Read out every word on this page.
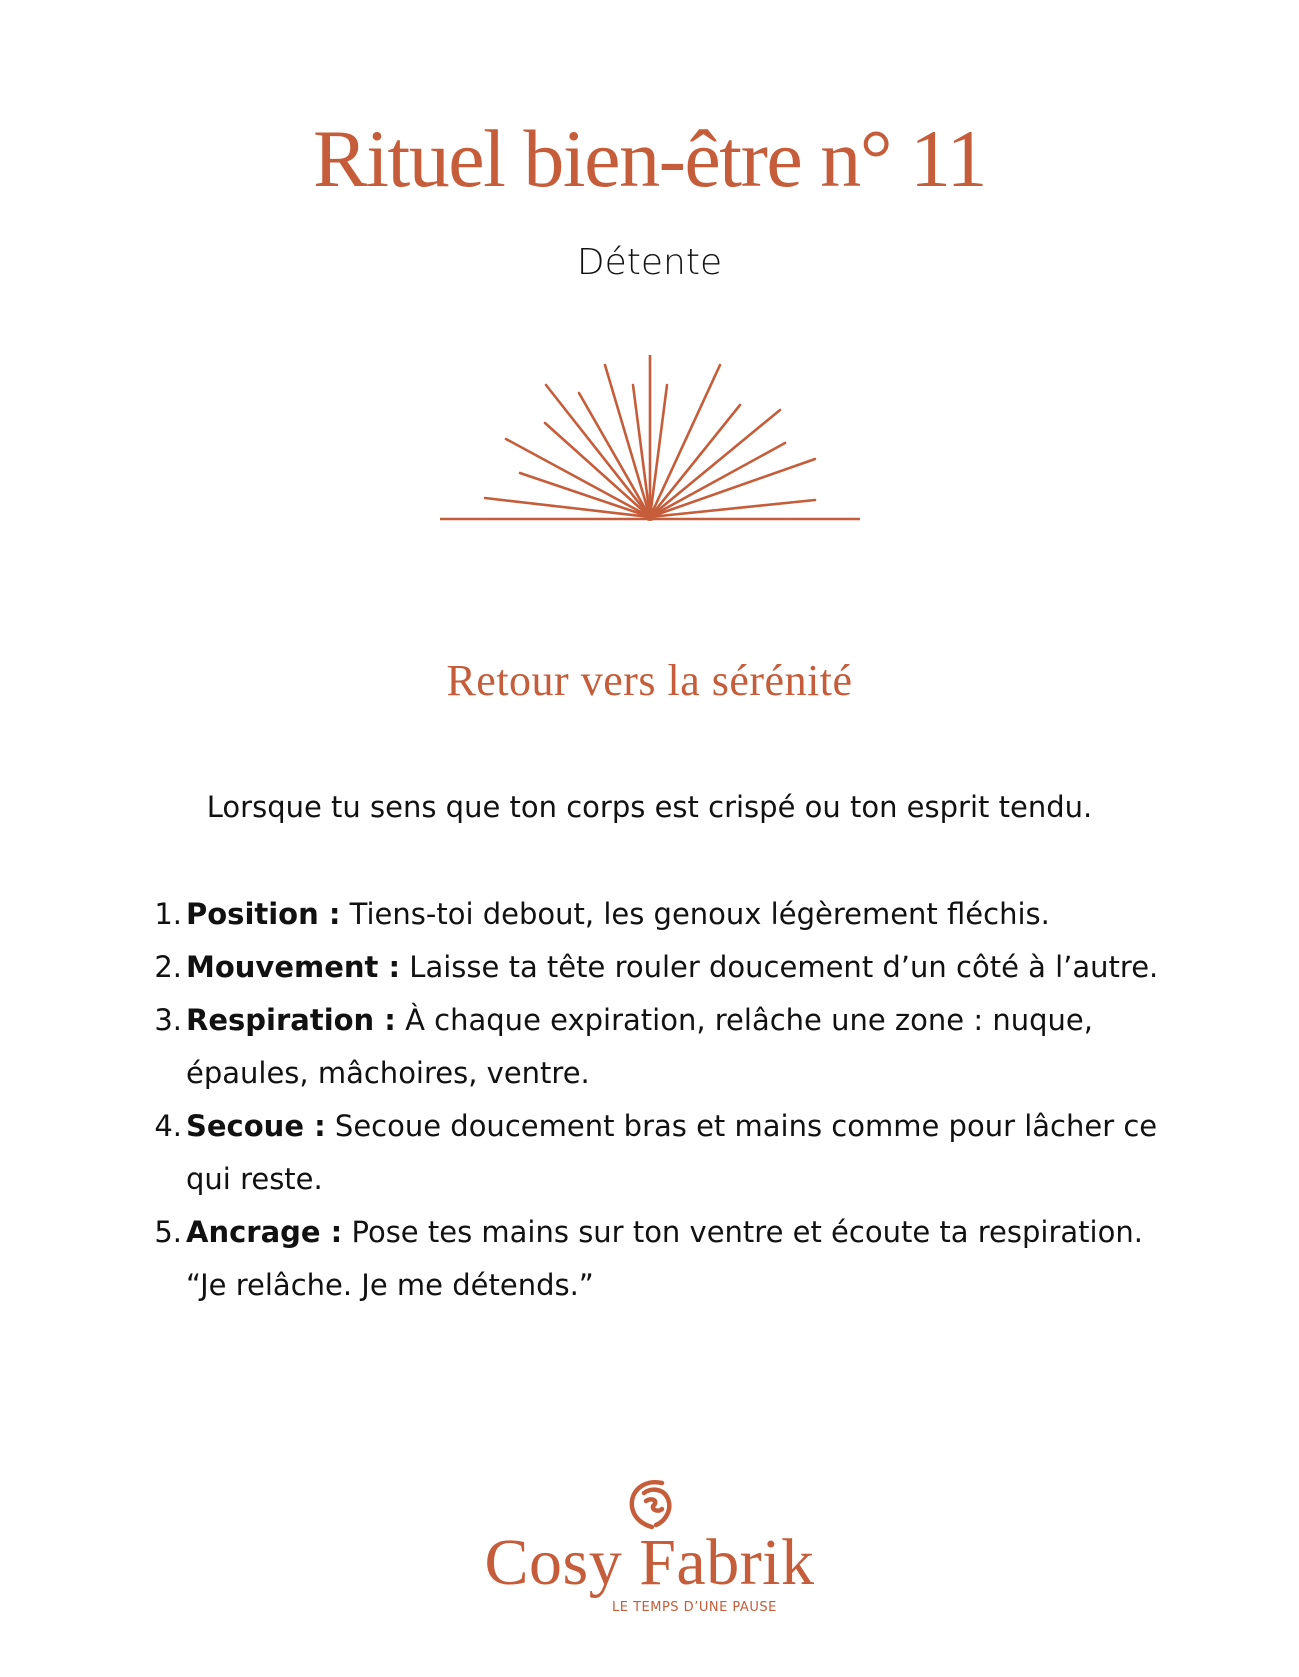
Rituel bien-être n° 11
Détente
Retour vers la sérénité
Lorsque tu sens que ton corps est crispé ou ton esprit tendu.
1. Position : Tiens-toi debout, les genoux légèrement fléchis.
2. Mouvement : Laisse ta tête rouler doucement d’un côté à l’autre.
3. Respiration : À chaque expiration, relâche une zone : nuque, épaules, mâchoires, ventre.
4. Secoue : Secoue doucement bras et mains comme pour lâcher ce qui reste.
5. Ancrage : Pose tes mains sur ton ventre et écoute ta respiration. “Je relâche. Je me détends.”
Cosy Fabrik
LE TEMPS D’UNE PAUSE
